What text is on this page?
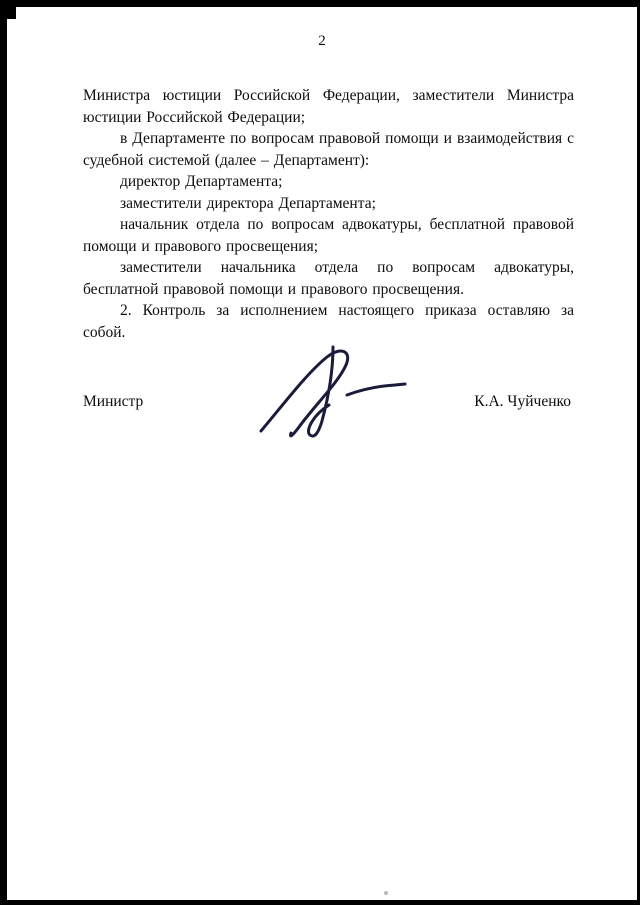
2

Министра юстиции Российской Федерации, заместители Министра юстиции Российской Федерации;

в Департаменте по вопросам правовой помощи и взаимодействия с судебной системой (далее – Департамент):

директор Департамента;

заместители директора Департамента;

начальник отдела по вопросам адвокатуры, бесплатной правовой помощи и правового просвещения;

заместители начальника отдела по вопросам адвокатуры, бесплатной правовой помощи и правового просвещения.

2. Контроль за исполнением настоящего приказа оставляю за собой.

Министр	К.А. Чуйченко
